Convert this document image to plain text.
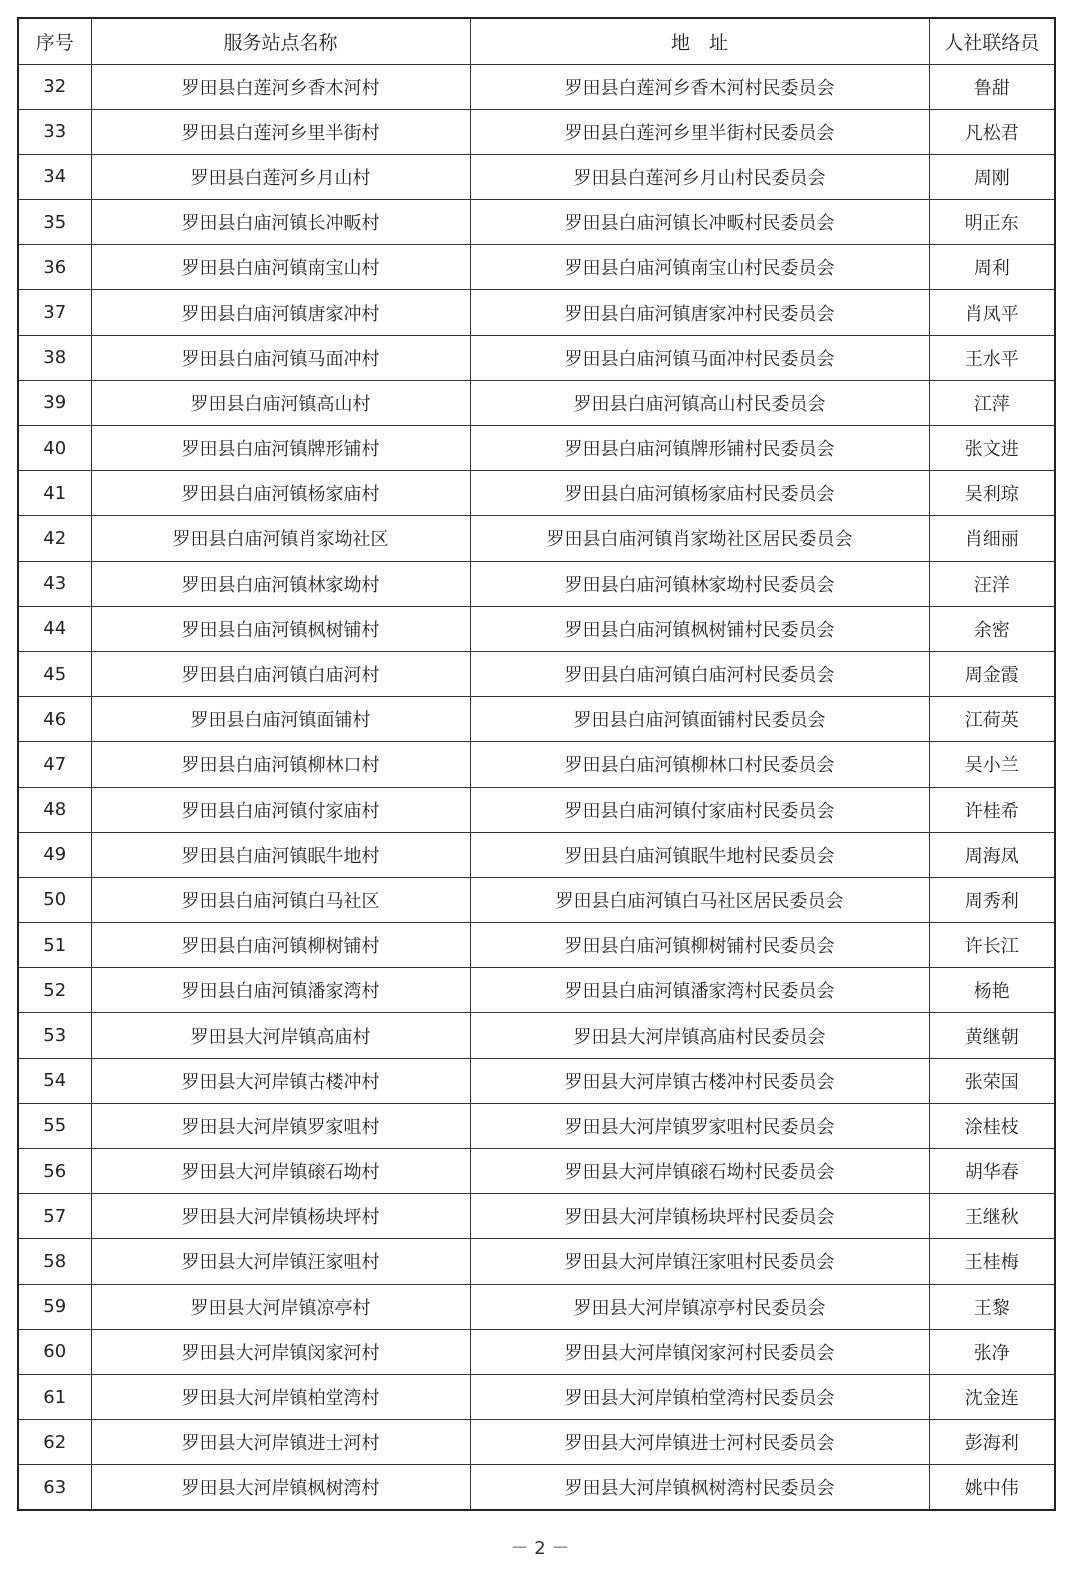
序号	服务站点名称	地　址	人社联络员
32	罗田县白莲河乡香木河村	罗田县白莲河乡香木河村民委员会	鲁甜
33	罗田县白莲河乡里半街村	罗田县白莲河乡里半街村民委员会	凡松君
34	罗田县白莲河乡月山村	罗田县白莲河乡月山村民委员会	周刚
35	罗田县白庙河镇长冲畈村	罗田县白庙河镇长冲畈村民委员会	明正东
36	罗田县白庙河镇南宝山村	罗田县白庙河镇南宝山村民委员会	周利
37	罗田县白庙河镇唐家冲村	罗田县白庙河镇唐家冲村民委员会	肖凤平
38	罗田县白庙河镇马面冲村	罗田县白庙河镇马面冲村民委员会	王水平
39	罗田县白庙河镇高山村	罗田县白庙河镇高山村民委员会	江萍
40	罗田县白庙河镇牌形铺村	罗田县白庙河镇牌形铺村民委员会	张文进
41	罗田县白庙河镇杨家庙村	罗田县白庙河镇杨家庙村民委员会	吴利琼
42	罗田县白庙河镇肖家坳社区	罗田县白庙河镇肖家坳社区居民委员会	肖细丽
43	罗田县白庙河镇林家坳村	罗田县白庙河镇林家坳村民委员会	汪洋
44	罗田县白庙河镇枫树铺村	罗田县白庙河镇枫树铺村民委员会	余密
45	罗田县白庙河镇白庙河村	罗田县白庙河镇白庙河村民委员会	周金霞
46	罗田县白庙河镇面铺村	罗田县白庙河镇面铺村民委员会	江荷英
47	罗田县白庙河镇柳林口村	罗田县白庙河镇柳林口村民委员会	吴小兰
48	罗田县白庙河镇付家庙村	罗田县白庙河镇付家庙村民委员会	许桂希
49	罗田县白庙河镇眠牛地村	罗田县白庙河镇眠牛地村民委员会	周海凤
50	罗田县白庙河镇白马社区	罗田县白庙河镇白马社区居民委员会	周秀利
51	罗田县白庙河镇柳树铺村	罗田县白庙河镇柳树铺村民委员会	许长江
52	罗田县白庙河镇潘家湾村	罗田县白庙河镇潘家湾村民委员会	杨艳
53	罗田县大河岸镇高庙村	罗田县大河岸镇高庙村民委员会	黄继朝
54	罗田县大河岸镇古楼冲村	罗田县大河岸镇古楼冲村民委员会	张荣国
55	罗田县大河岸镇罗家咀村	罗田县大河岸镇罗家咀村民委员会	涂桂枝
56	罗田县大河岸镇磙石坳村	罗田县大河岸镇磙石坳村民委员会	胡华春
57	罗田县大河岸镇杨块坪村	罗田县大河岸镇杨块坪村民委员会	王继秋
58	罗田县大河岸镇汪家咀村	罗田县大河岸镇汪家咀村民委员会	王桂梅
59	罗田县大河岸镇凉亭村	罗田县大河岸镇凉亭村民委员会	王黎
60	罗田县大河岸镇闵家河村	罗田县大河岸镇闵家河村民委员会	张净
61	罗田县大河岸镇柏堂湾村	罗田县大河岸镇柏堂湾村民委员会	沈金连
62	罗田县大河岸镇进士河村	罗田县大河岸镇进士河村民委员会	彭海利
63	罗田县大河岸镇枫树湾村	罗田县大河岸镇枫树湾村民委员会	姚中伟
－ 2 －
